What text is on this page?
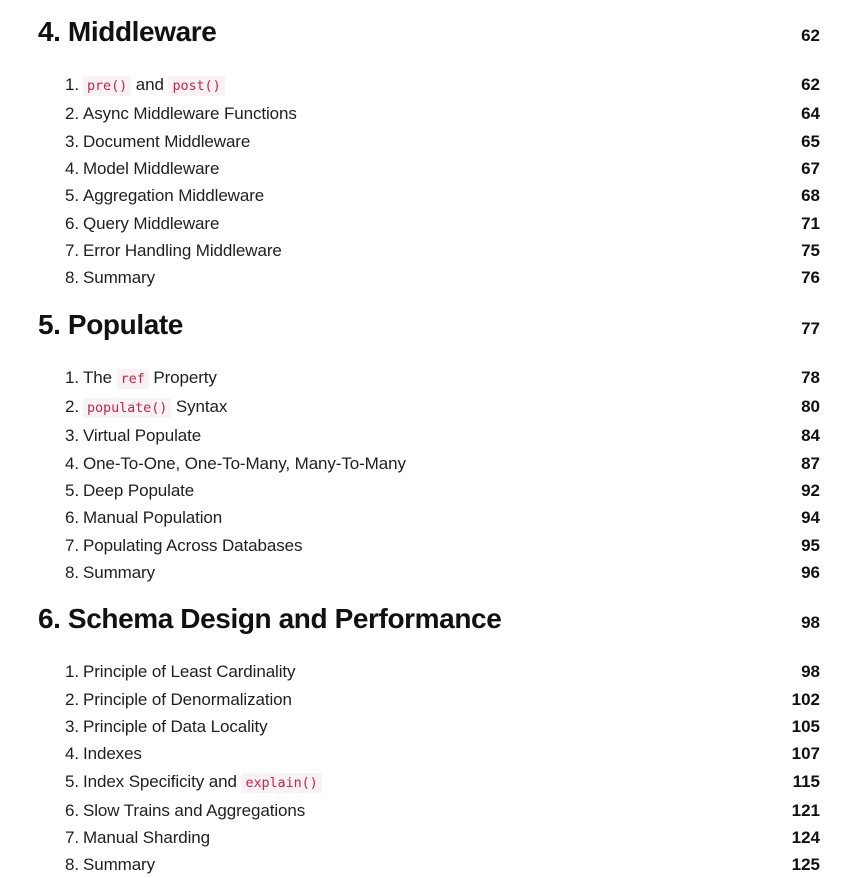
4. Middleware	62
1. pre() and post()	62
2. Async Middleware Functions	64
3. Document Middleware	65
4. Model Middleware	67
5. Aggregation Middleware	68
6. Query Middleware	71
7. Error Handling Middleware	75
8. Summary	76
5. Populate	77
1. The ref Property	78
2. populate() Syntax	80
3. Virtual Populate	84
4. One-To-One, One-To-Many, Many-To-Many	87
5. Deep Populate	92
6. Manual Population	94
7. Populating Across Databases	95
8. Summary	96
6. Schema Design and Performance	98
1. Principle of Least Cardinality	98
2. Principle of Denormalization	102
3. Principle of Data Locality	105
4. Indexes	107
5. Index Specificity and explain()	115
6. Slow Trains and Aggregations	121
7. Manual Sharding	124
8. Summary	125
